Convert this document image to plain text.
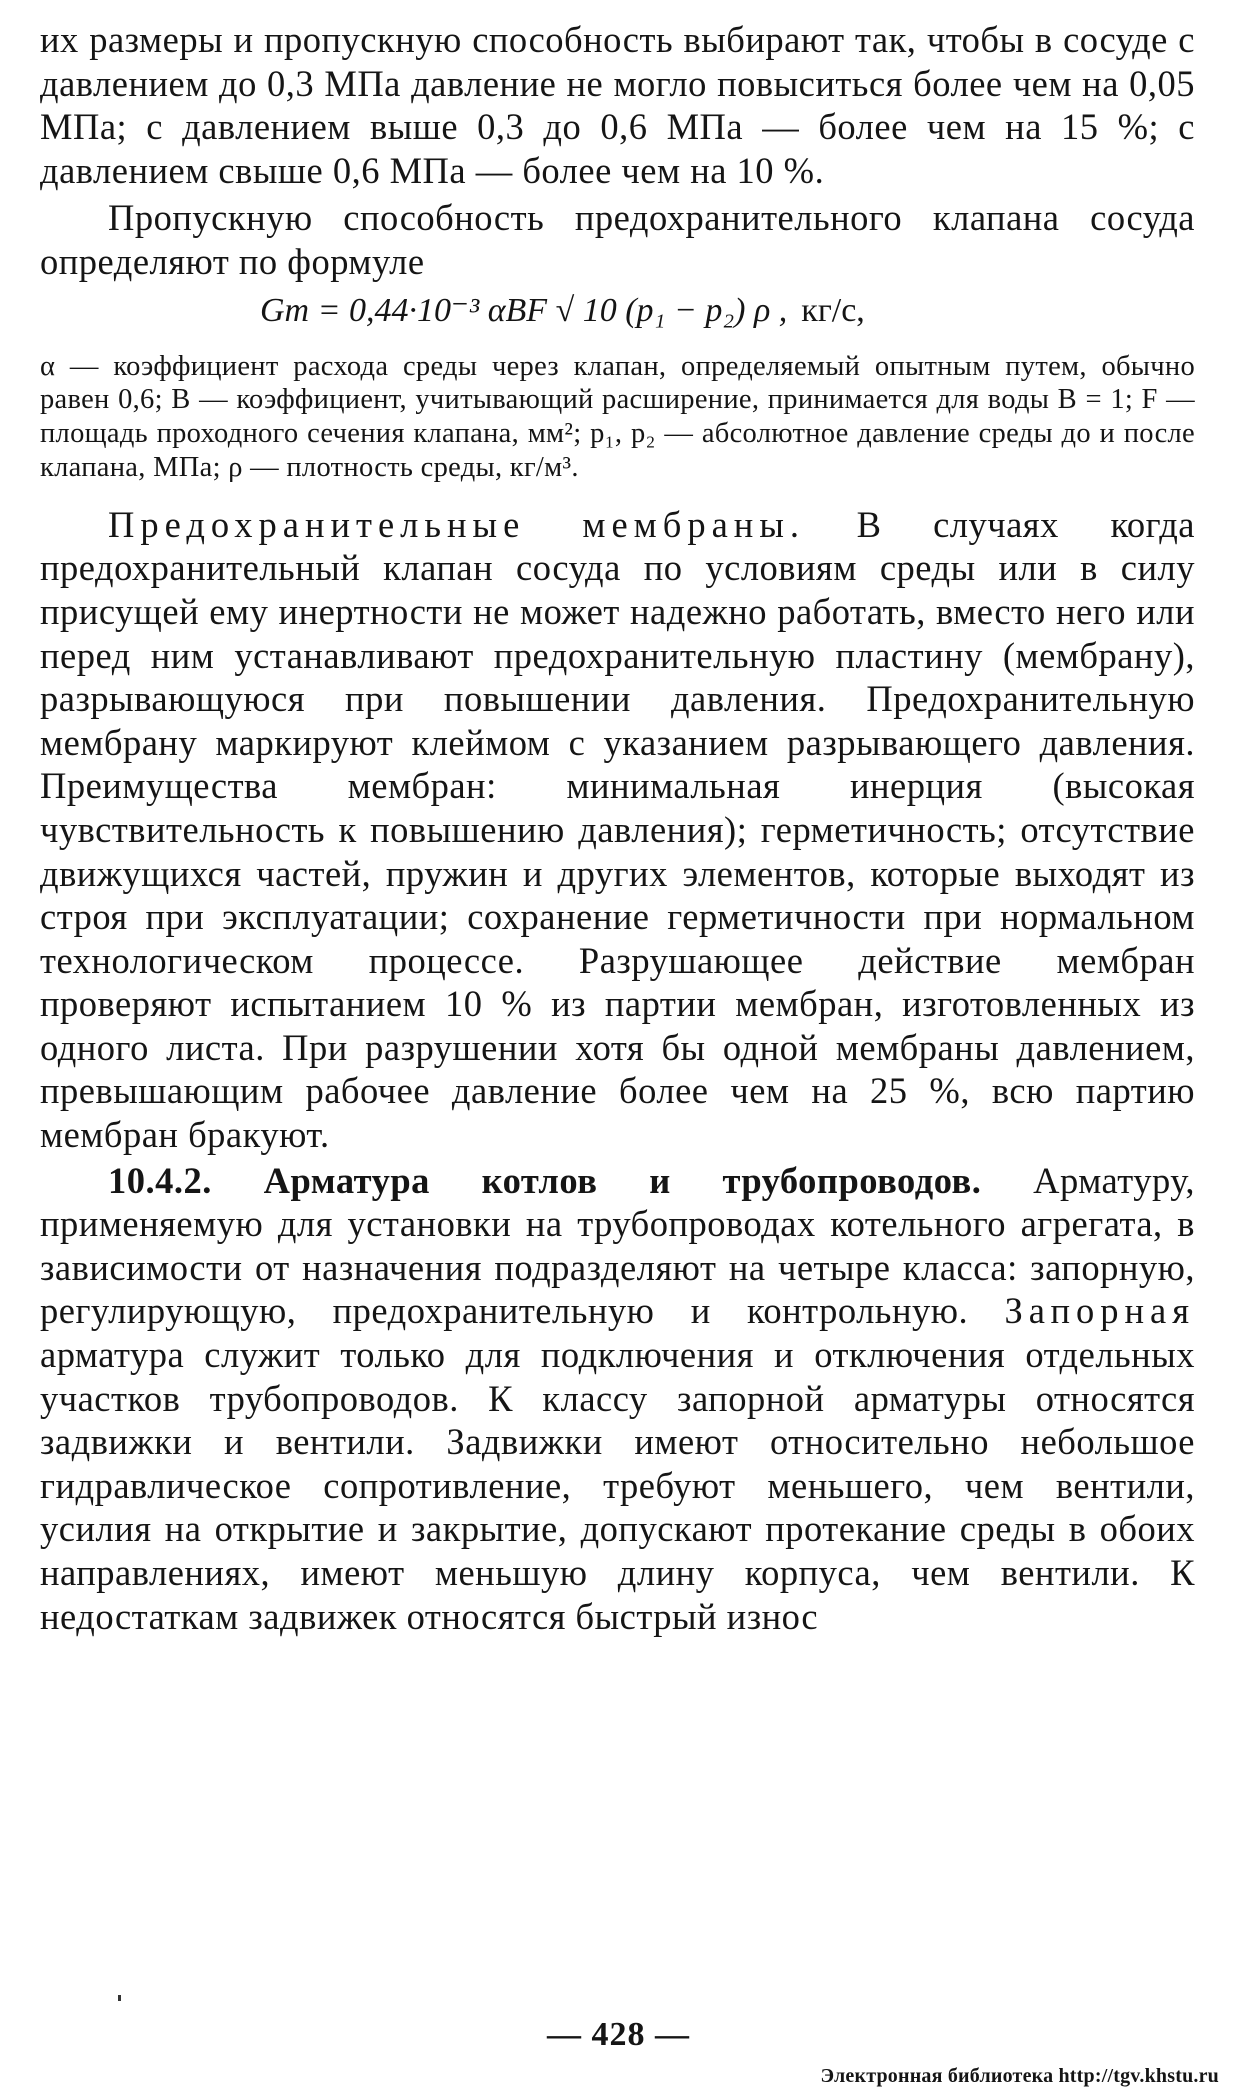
их размеры и пропускную способность выбирают так, чтобы в сосуде с давлением до 0,3 МПа давление не могло повыситься более чем на 0,05 МПа; с давлением выше 0,3 до 0,6 МПа — более чем на 15 %; с давлением свыше 0,6 МПа — более чем на 10 %.

Пропускную способность предохранительного клапана сосуда определяют по формуле

Gт = 0,44·10⁻³ αBF √ 10 (p₁ − p₂) ρ , кг/с,

α — коэффициент расхода среды через клапан, определяемый опытным путем, обычно равен 0,6; B — коэффициент, учитывающий расширение, принимается для воды B = 1; F — площадь проходного сечения клапана, мм²; p₁, p₂ — абсолютное давление среды до и после клапана, МПа; ρ — плотность среды, кг/м³.

Предохранительные мембраны. В случаях когда предохранительный клапан сосуда по условиям среды или в силу присущей ему инертности не может надежно работать, вместо него или перед ним устанавливают предохранительную пластину (мембрану), разрывающуюся при повышении давления. Предохранительную мембрану маркируют клеймом с указанием разрывающего давления. Преимущества мембран: минимальная инерция (высокая чувствительность к повышению давления); герметичность; отсутствие движущихся частей, пружин и других элементов, которые выходят из строя при эксплуатации; сохранение герметичности при нормальном технологическом процессе. Разрушающее действие мембран проверяют испытанием 10 % из партии мембран, изготовленных из одного листа. При разрушении хотя бы одной мембраны давлением, превышающим рабочее давление более чем на 25 %, всю партию мембран бракуют.

10.4.2. Арматура котлов и трубопроводов. Арматуру, применяемую для установки на трубопроводах котельного агрегата, в зависимости от назначения подразделяют на четыре класса: запорную, регулирующую, предохранительную и контрольную. Запорная арматура служит только для подключения и отключения отдельных участков трубопроводов. К классу запорной арматуры относятся задвижки и вентили. Задвижки имеют относительно небольшое гидравлическое сопротивление, требуют меньшего, чем вентили, усилия на открытие и закрытие, допускают протекание среды в обоих направлениях, имеют меньшую длину корпуса, чем вентили. К недостаткам задвижек относятся быстрый износ

— 428 —
Электронная библиотека http://tgv.khstu.ru
